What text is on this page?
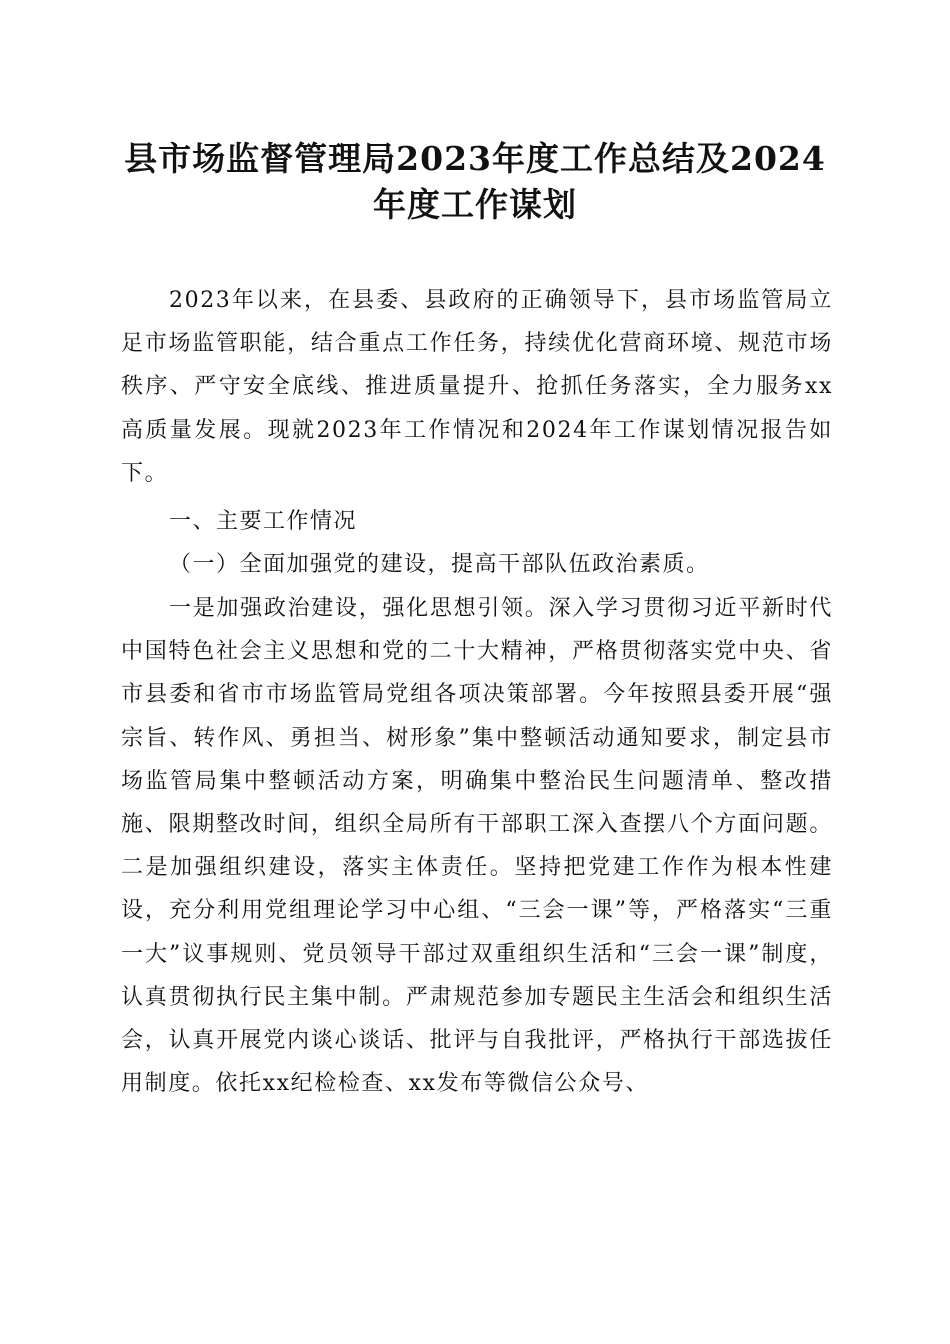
县市场监督管理局2023年度工作总结及2024年度工作谋划

2023年以来，在县委、县政府的正确领导下，县市场监管局立足市场监管职能，结合重点工作任务，持续优化营商环境、规范市场秩序、严守安全底线、推进质量提升、抢抓任务落实，全力服务xx高质量发展。现就2023年工作情况和2024年工作谋划情况报告如下。

一、主要工作情况

（一）全面加强党的建设，提高干部队伍政治素质。

一是加强政治建设，强化思想引领。深入学习贯彻习近平新时代中国特色社会主义思想和党的二十大精神，严格贯彻落实党中央、省市县委和省市市场监管局党组各项决策部署。今年按照县委开展“强宗旨、转作风、勇担当、树形象”集中整顿活动通知要求，制定县市场监管局集中整顿活动方案，明确集中整治民生问题清单、整改措施、限期整改时间，组织全局所有干部职工深入查摆八个方面问题。二是加强组织建设，落实主体责任。坚持把党建工作作为根本性建设，充分利用党组理论学习中心组、“三会一课”等，严格落实“三重一大”议事规则、党员领导干部过双重组织生活和“三会一课”制度，认真贯彻执行民主集中制。严肃规范参加专题民主生活会和组织生活会，认真开展党内谈心谈话、批评与自我批评，严格执行干部选拔任用制度。依托xx纪检检查、xx发布等微信公众号、
